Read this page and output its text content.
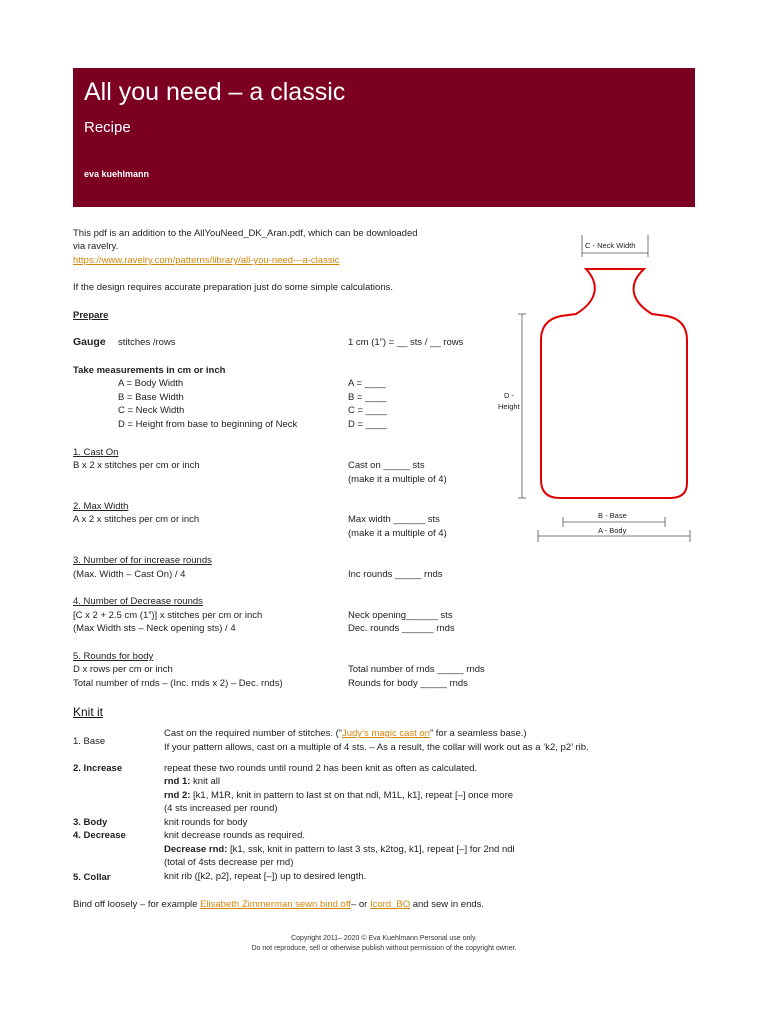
All you need – a classic
Recipe
eva kuehlmann
This pdf is an addition to the AllYouNeed_DK_Aran.pdf, which can be downloaded
via ravelry.
https://www.ravelry.com/patterns/library/all-you-need---a-classic
If the design requires accurate preparation just do some simple calculations.
Prepare
Gauge stitches /rows	1 cm (1”) = __ sts / __ rows
Take measurements in cm or inch
A = Body Width	A = ____
B = Base Width	B = ____
C = Neck Width	C = ____
D = Height from base to beginning of Neck	D = ____
1. Cast On
B x 2 x stitches per cm or inch	Cast on _____ sts
(make it a multiple of 4)
2. Max Width
A x 2 x stitches per cm or inch	Max width ______ sts
(make it a multiple of 4)
3. Number of for increase rounds
(Max. Width – Cast On) / 4	Inc rounds _____ rnds
4. Number of Decrease rounds
[C x 2 + 2.5 cm (1”)] x stitches per cm or inch	Neck opening______ sts
(Max Width sts – Neck opening sts) / 4	Dec. rounds ______ rnds
5. Rounds for body
D x rows per cm or inch	Total number of rnds _____ rnds
Total number of rnds – (Inc. rnds x 2) – Dec. rnds)	Rounds for body _____ rnds
C - Neck Width
D -
Height
B - Base
A - Body
Knit it
1. Base
Cast on the required number of stitches. (”Judy’s magic cast on” for a seamless base.)
If your pattern allows, cast on a multiple of 4 sts. – As a result, the collar will work out as a ’k2, p2’ rib.
2. Increase	repeat these two rounds until round 2 has been knit as often as calculated.
rnd 1: knit all
rnd 2: [k1, M1R, knit in pattern to last st on that ndl, M1L, k1], repeat [–] once more
(4 sts increased per round)
3. Body	knit rounds for body
4. Decrease	knit decrease rounds as required.
Decrease rnd: [k1, ssk, knit in pattern to last 3 sts, k2tog, k1], repeat [–] for 2nd ndl
(total of 4sts decrease per rnd)
5. Collar	knit rib ([k2, p2], repeat [–]) up to desired length.
Bind off loosely – for example Elisabeth Zimmerman sewn bind off– or Icord_BO and sew in ends.
Copyright 2011– 2020 © Eva Kuehlmann Personal use only.
Do not reproduce, sell or otherwise publish without permission of the copyright owner.
